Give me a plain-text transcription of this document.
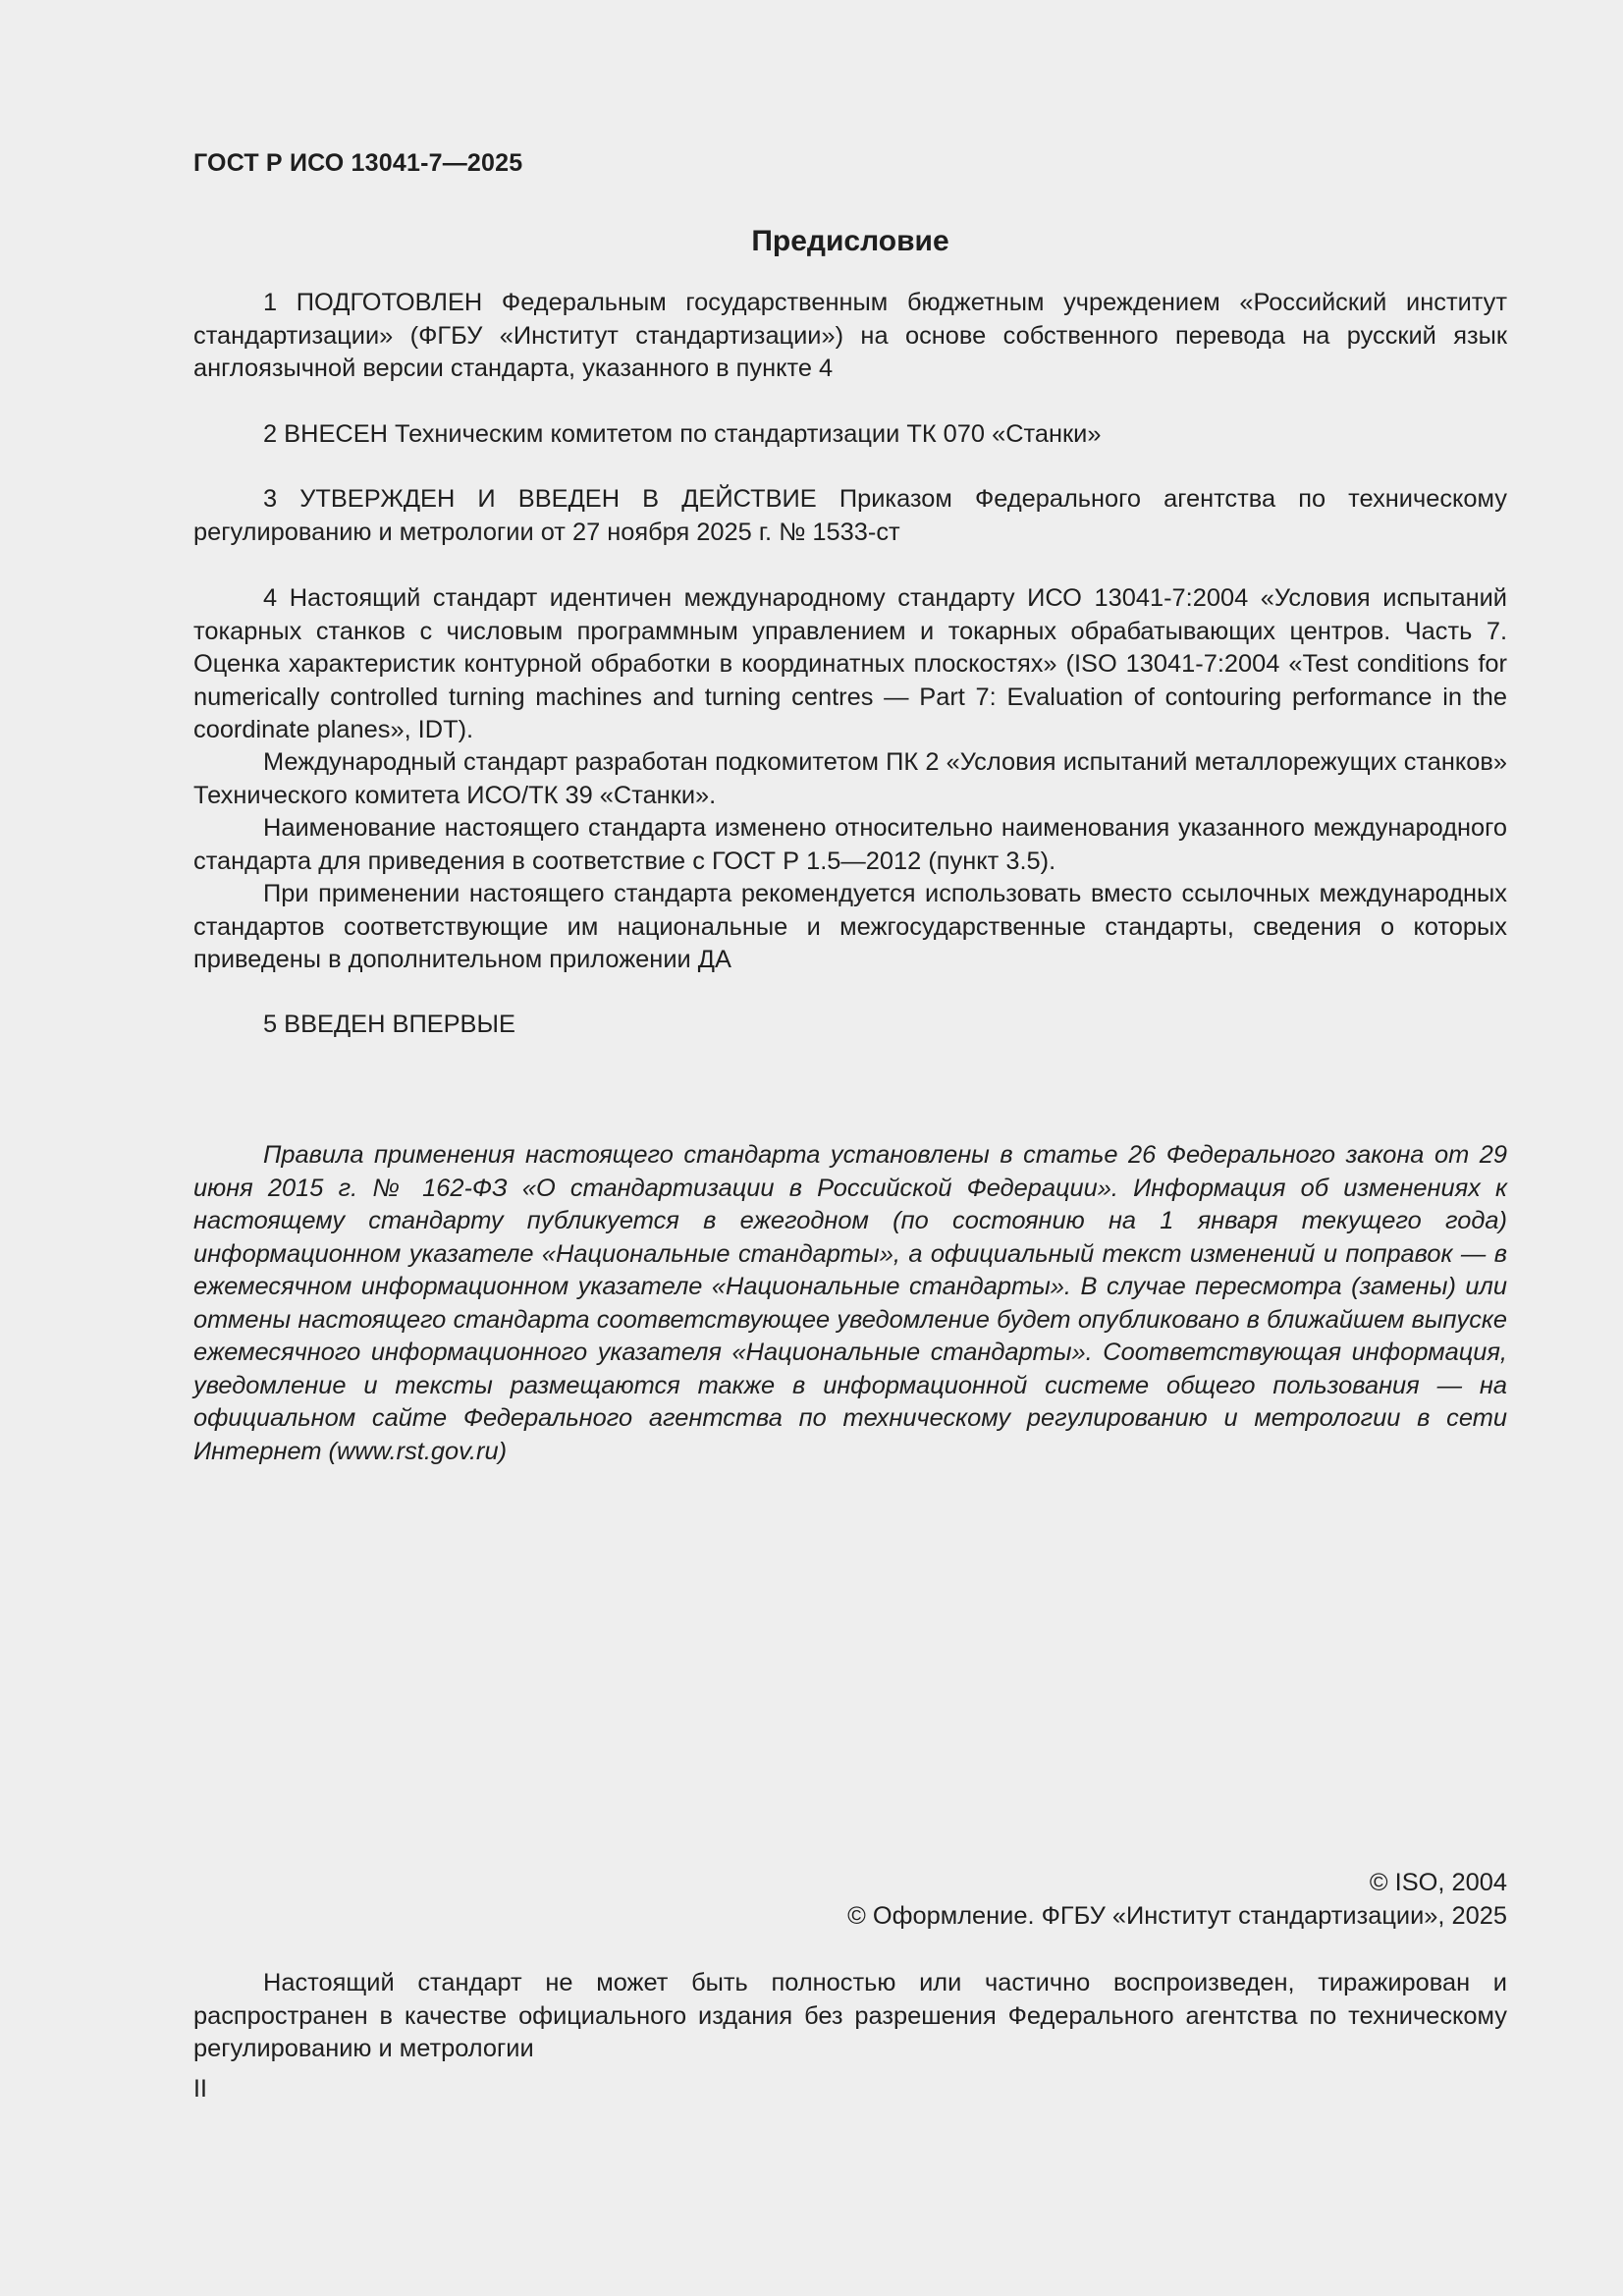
ГОСТ Р ИСО 13041-7—2025
Предисловие

1 ПОДГОТОВЛЕН Федеральным государственным бюджетным учреждением «Российский институт стандартизации» (ФГБУ «Институт стандартизации») на основе собственного перевода на русский язык англоязычной версии стандарта, указанного в пункте 4

2 ВНЕСЕН Техническим комитетом по стандартизации ТК 070 «Станки»

3 УТВЕРЖДЕН И ВВЕДЕН В ДЕЙСТВИЕ Приказом Федерального агентства по техническому регулированию и метрологии от 27 ноября 2025 г. № 1533-ст

4 Настоящий стандарт идентичен международному стандарту ИСО 13041-7:2004 «Условия испытаний токарных станков с числовым программным управлением и токарных обрабатывающих центров. Часть 7. Оценка характеристик контурной обработки в координатных плоскостях» (ISO 13041-7:2004 «Test conditions for numerically controlled turning machines and turning centres — Part 7: Evaluation of contouring performance in the coordinate planes», IDT).

Международный стандарт разработан подкомитетом ПК 2 «Условия испытаний металлорежущих станков» Технического комитета ИСО/ТК 39 «Станки».

Наименование настоящего стандарта изменено относительно наименования указанного международного стандарта для приведения в соответствие с ГОСТ Р 1.5—2012 (пункт 3.5).

При применении настоящего стандарта рекомендуется использовать вместо ссылочных международных стандартов соответствующие им национальные и межгосударственные стандарты, сведения о которых приведены в дополнительном приложении ДА

5 ВВЕДЕН ВПЕРВЫЕ

Правила применения настоящего стандарта установлены в статье 26 Федерального закона от 29 июня 2015 г. № 162-ФЗ «О стандартизации в Российской Федерации». Информация об изменениях к настоящему стандарту публикуется в ежегодном (по состоянию на 1 января текущего года) информационном указателе «Национальные стандарты», а официальный текст изменений и поправок — в ежемесячном информационном указателе «Национальные стандарты». В случае пересмотра (замены) или отмены настоящего стандарта соответствующее уведомление будет опубликовано в ближайшем выпуске ежемесячного информационного указателя «Национальные стандарты». Соответствующая информация, уведомление и тексты размещаются также в информационной системе общего пользования — на официальном сайте Федерального агентства по техническому регулированию и метрологии в сети Интернет (www.rst.gov.ru)

© ISO, 2004
© Оформление. ФГБУ «Институт стандартизации», 2025

Настоящий стандарт не может быть полностью или частично воспроизведен, тиражирован и распространен в качестве официального издания без разрешения Федерального агентства по техническому регулированию и метрологии

II
